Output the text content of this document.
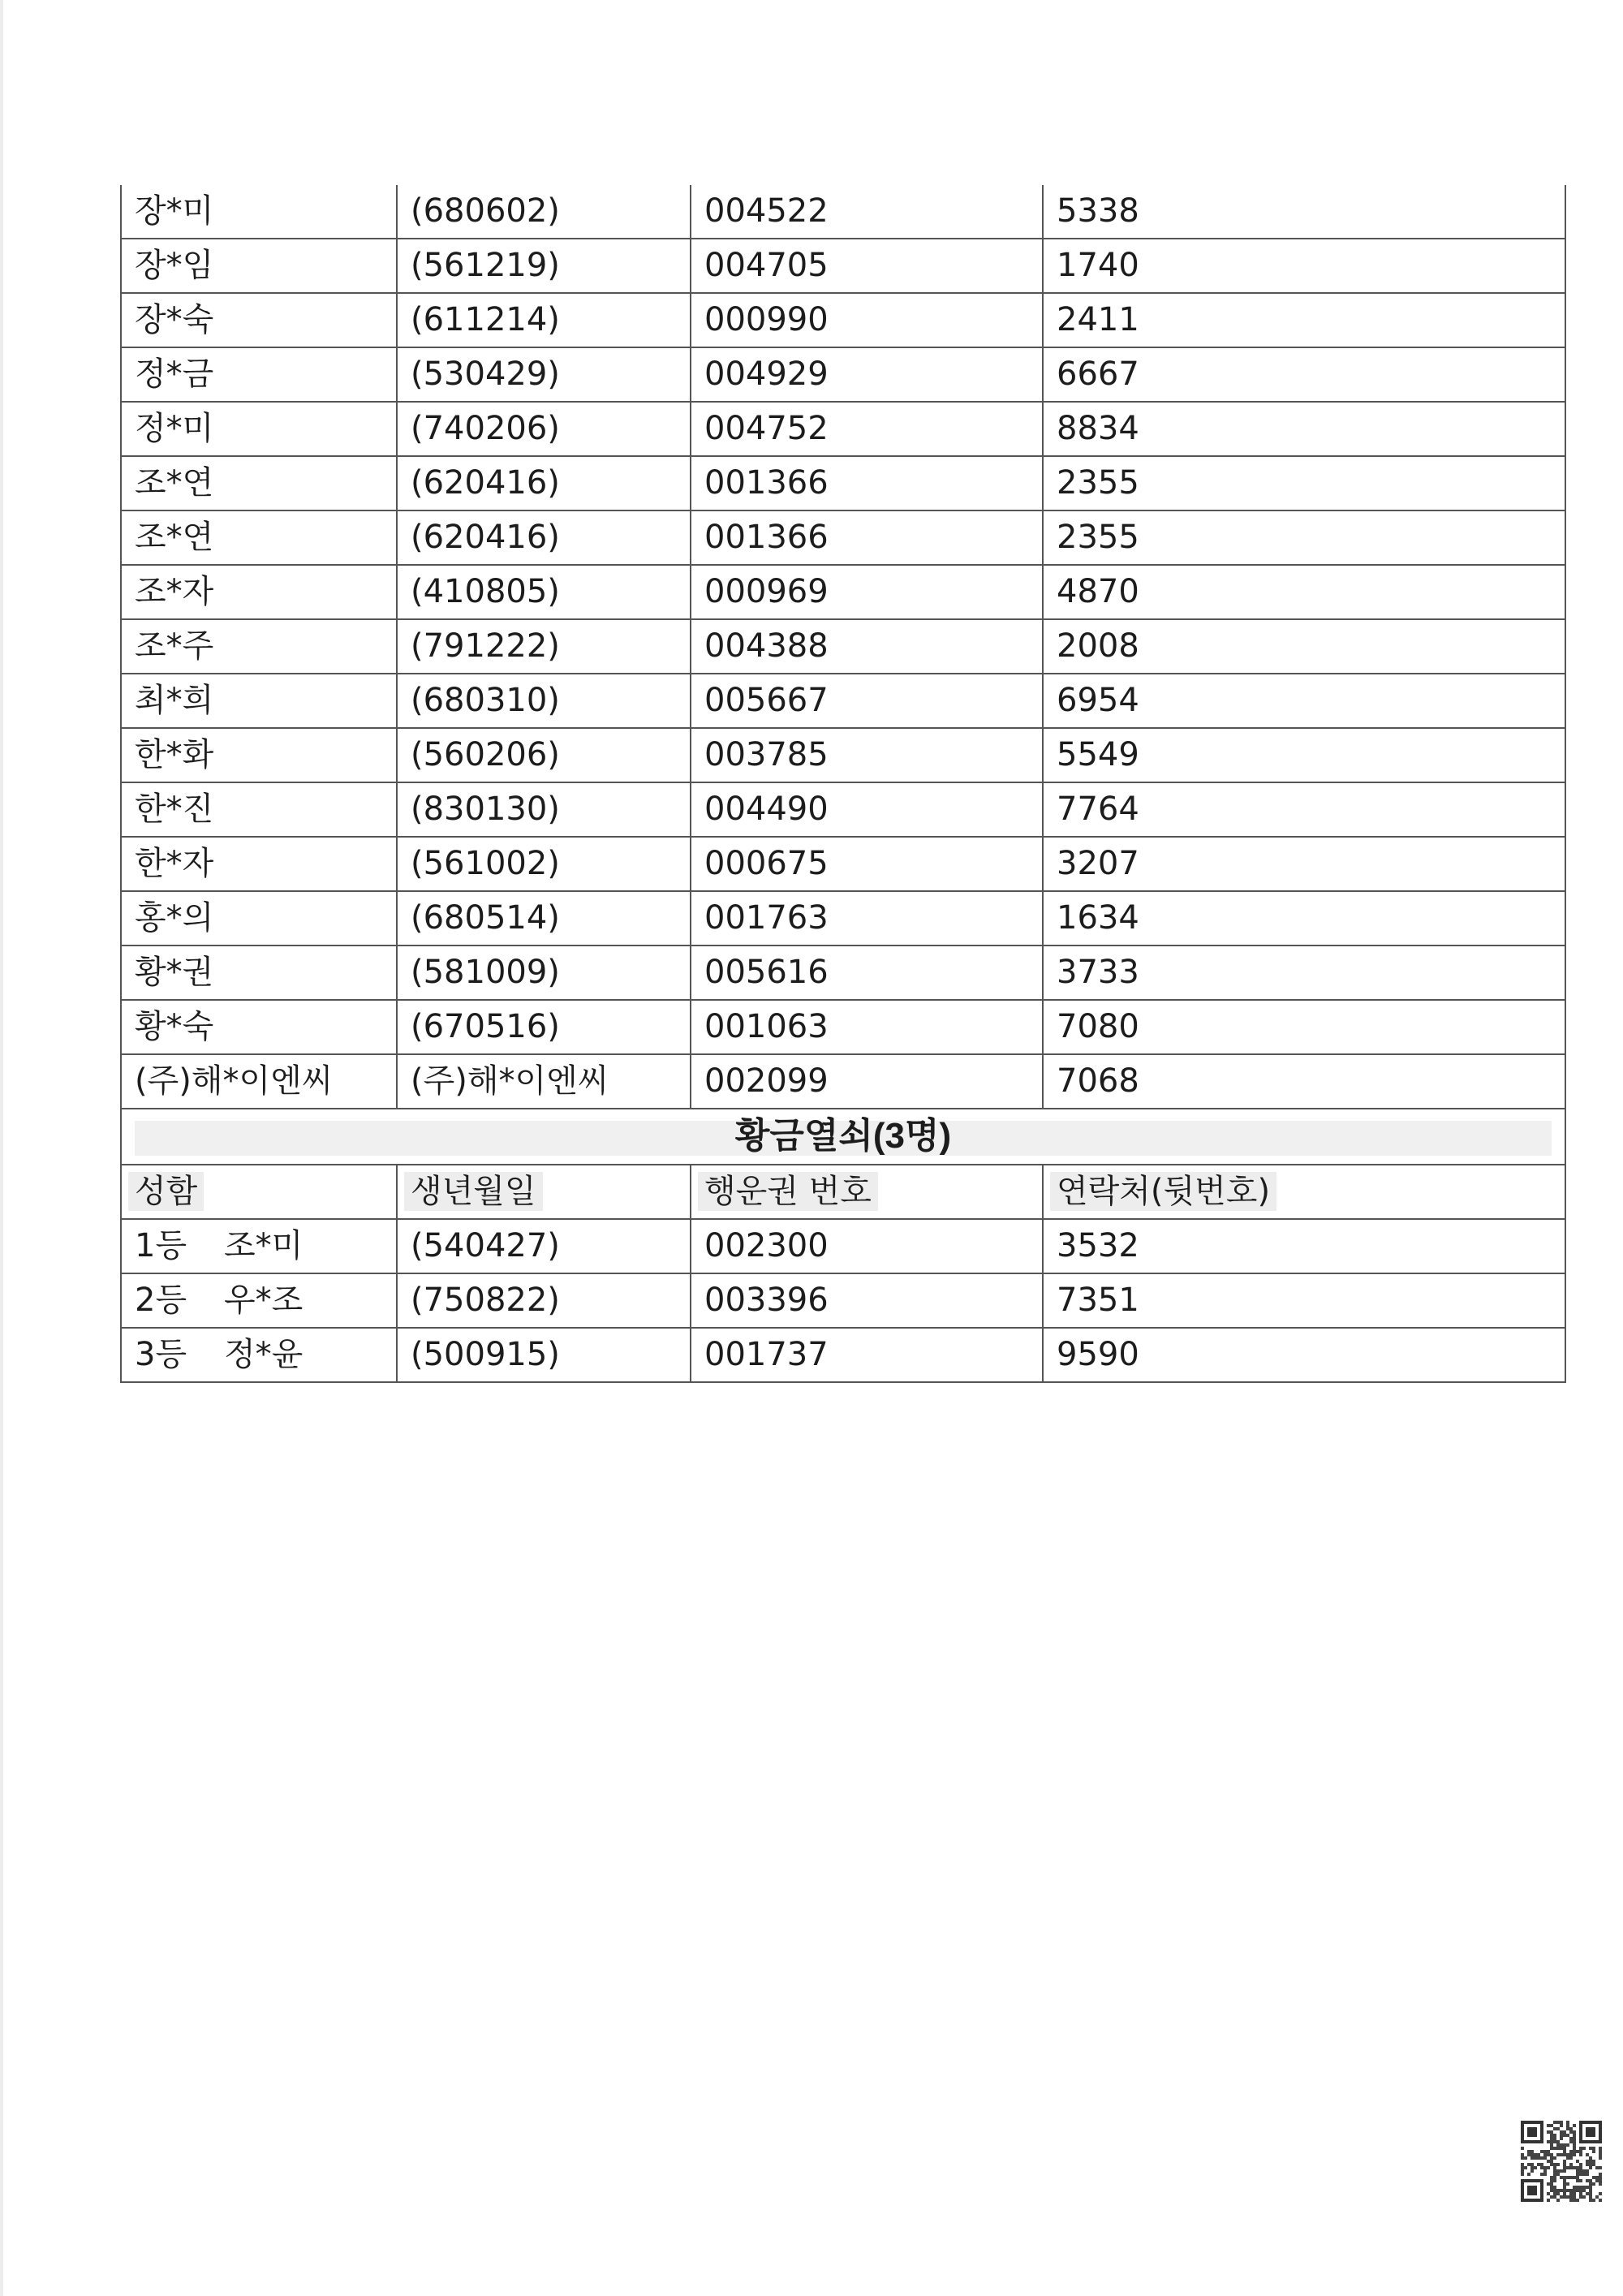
장*미	(680602)	004522	5338
장*임	(561219)	004705	1740
장*숙	(611214)	000990	2411
정*금	(530429)	004929	6667
정*미	(740206)	004752	8834
조*연	(620416)	001366	2355
조*연	(620416)	001366	2355
조*자	(410805)	000969	4870
조*주	(791222)	004388	2008
최*희	(680310)	005667	6954
한*화	(560206)	003785	5549
한*진	(830130)	004490	7764
한*자	(561002)	000675	3207
홍*의	(680514)	001763	1634
황*권	(581009)	005616	3733
황*숙	(670516)	001063	7080
(주)해*이엔씨	(주)해*이엔씨	002099	7068

황금열쇠(3명)			
성함	생년월일	행운권 번호	연락처(뒷번호)
1등 조*미	(540427)	002300	3532
2등 우*조	(750822)	003396	7351
3등 정*윤	(500915)	001737	9590
